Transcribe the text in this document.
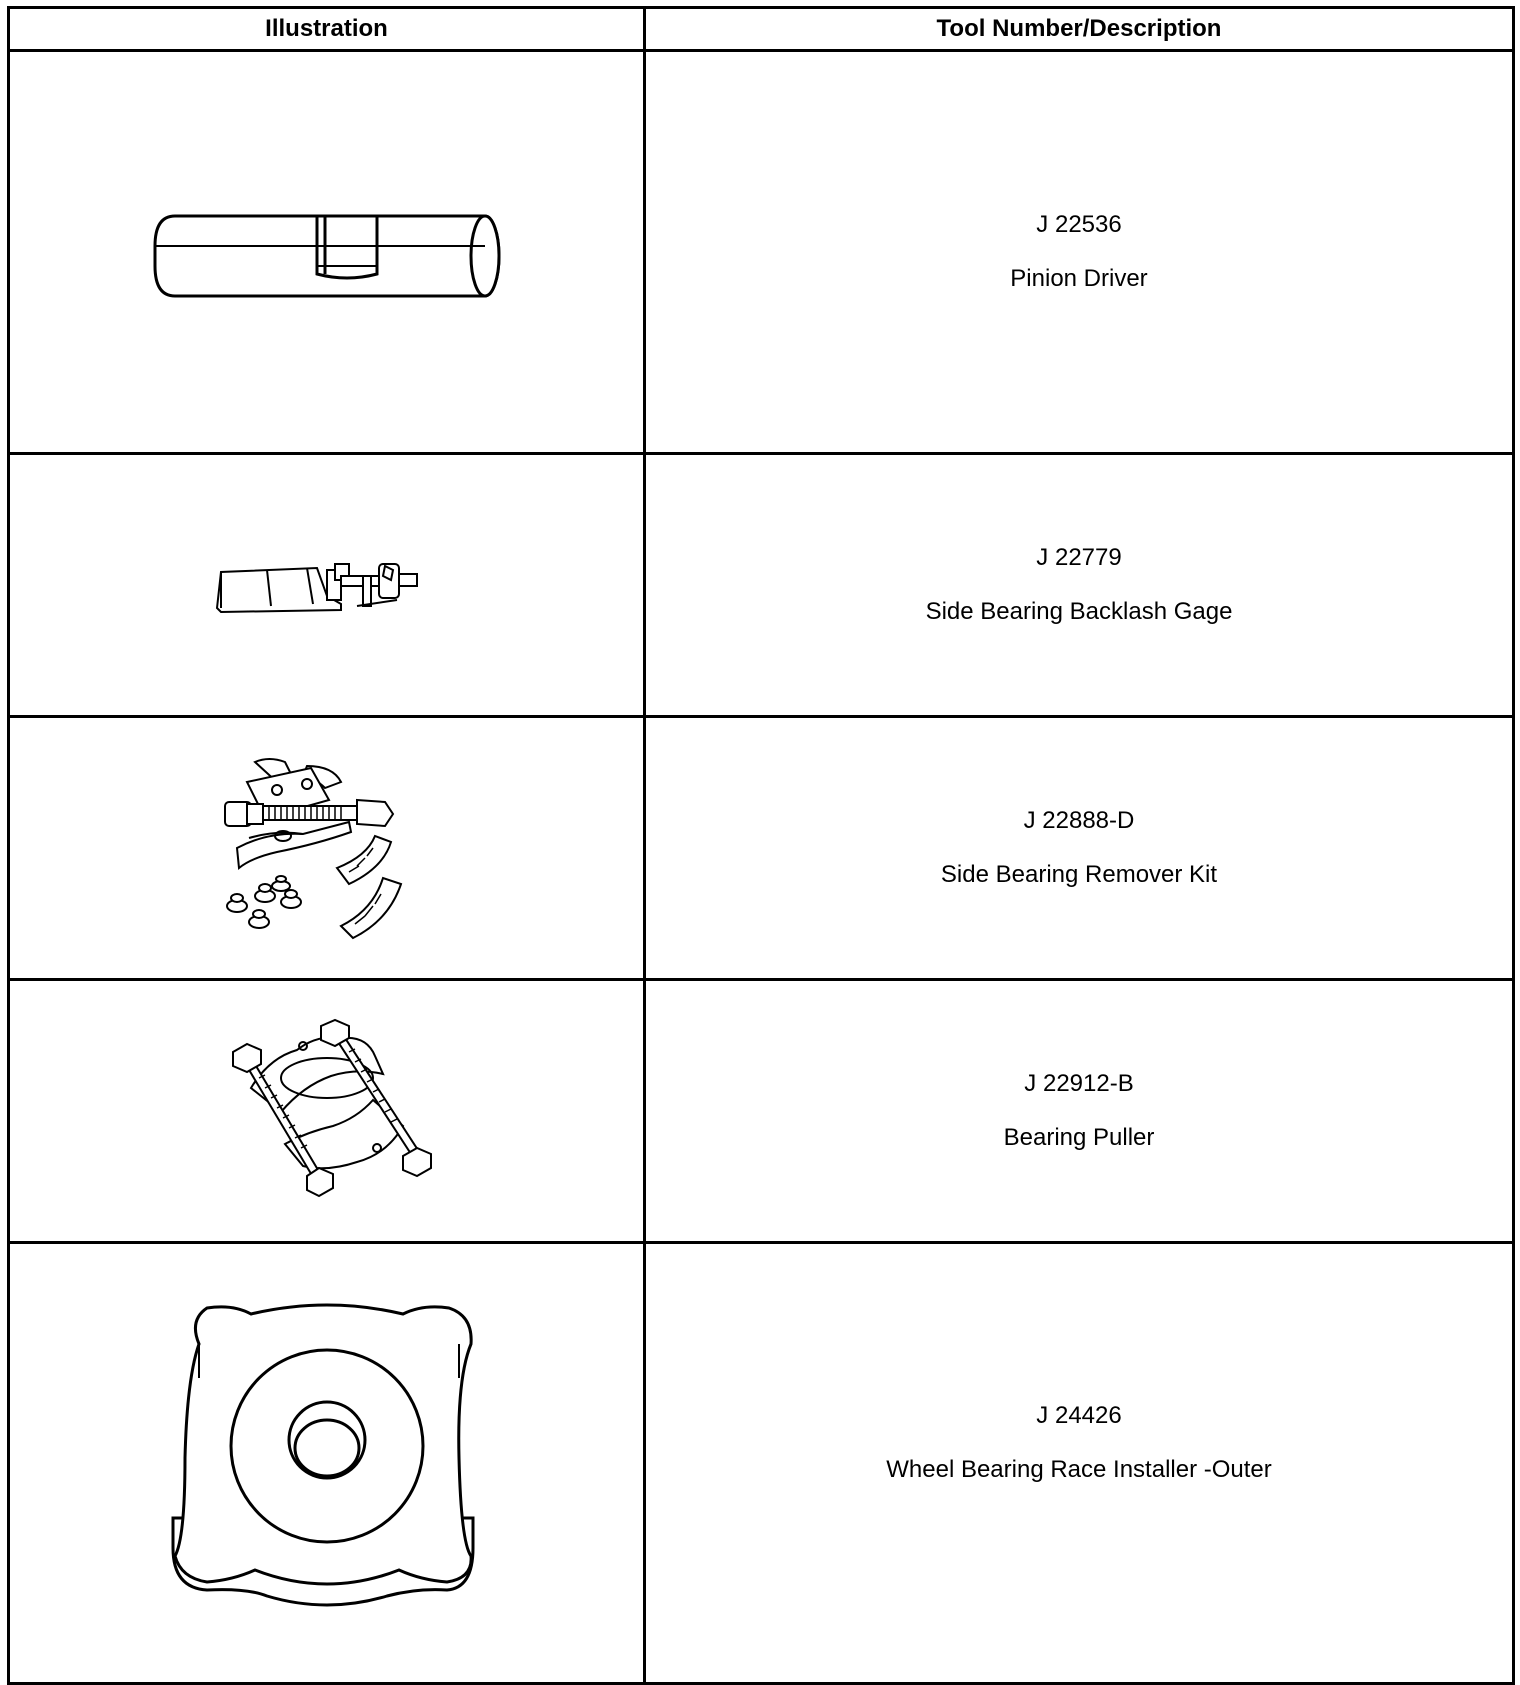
Illustration	Tool Number/Description

J 22536
Pinion Driver

J 22779
Side Bearing Backlash Gage

J 22888-D
Side Bearing Remover Kit

J 22912-B
Bearing Puller

J 24426
Wheel Bearing Race Installer -Outer
